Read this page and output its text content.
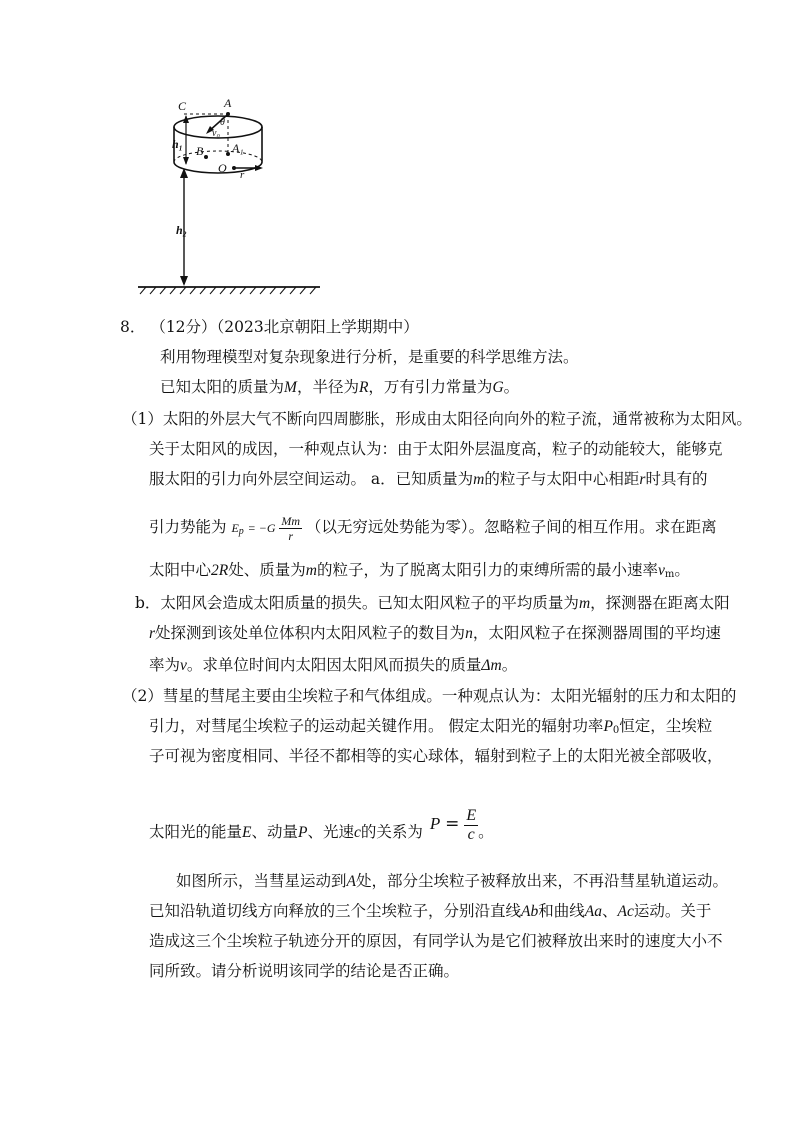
C	A
θ
v₀
h₁ B A₁
O r
h₂
8． （12分）（2023北京朝阳上学期期中）
利用物理模型对复杂现象进行分析，是重要的科学思维方法。
已知太阳的质量为M，半径为R，万有引力常量为G。
（1）太阳的外层大气不断向四周膨胀，形成由太阳径向向外的粒子流，通常被称为太阳风。
关于太阳风的成因，一种观点认为：由于太阳外层温度高，粒子的动能较大，能够克
服太阳的引力向外层空间运动。 a．已知质量为m的粒子与太阳中心相距r时具有的
引力势能为 $E_p = -G \frac{Mm}{r}$ （以无穷远处势能为零）。忽略粒子间的相互作用。求在距离
太阳中心2R处、质量为m的粒子，为了脱离太阳引力的束缚所需的最小速率$v_m$。
b．太阳风会造成太阳质量的损失。已知太阳风粒子的平均质量为m，探测器在距离太阳
r处探测到该处单位体积内太阳风粒子的数目为n，太阳风粒子在探测器周围的平均速
率为v。求单位时间内太阳因太阳风而损失的质量Δm。
（2）彗星的彗尾主要由尘埃粒子和气体组成。一种观点认为：太阳光辐射的压力和太阳的
引力，对彗尾尘埃粒子的运动起关键作用。 假定太阳光的辐射功率$P_0$恒定，尘埃粒
子可视为密度相同、半径不都相等的实心球体，辐射到粒子上的太阳光被全部吸收，
太阳光的能量E、动量P、光速c的关系为 $P = \frac{E}{c}$ 。
如图所示，当彗星运动到A处，部分尘埃粒子被释放出来，不再沿彗星轨道运动。
已知沿轨道切线方向释放的三个尘埃粒子，分别沿直线Ab和曲线Aa、Ac运动。关于
造成这三个尘埃粒子轨迹分开的原因，有同学认为是它们被释放出来时的速度大小不
同所致。请分析说明该同学的结论是否正确。
